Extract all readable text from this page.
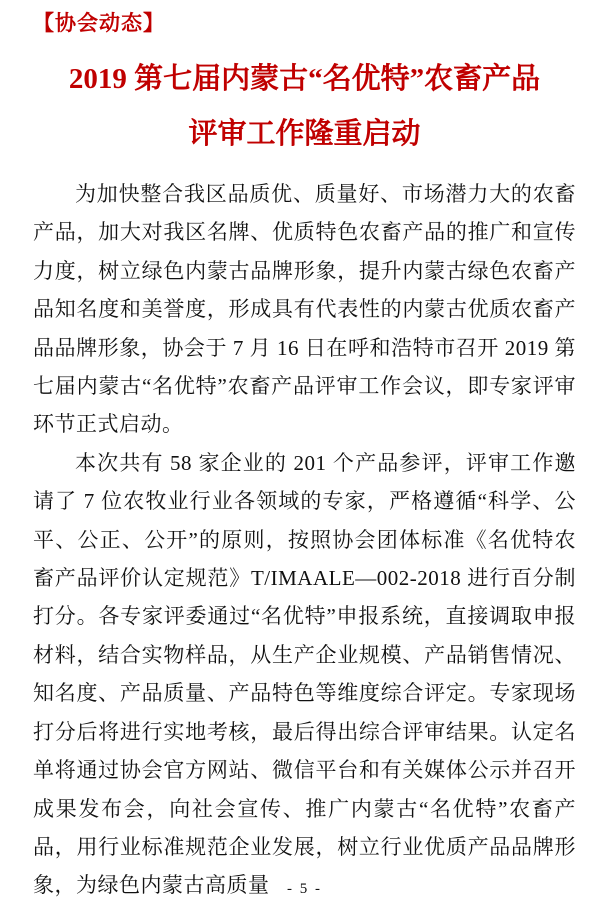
【协会动态】
2019 第七届内蒙古“名优特”农畜产品
评审工作隆重启动

为加快整合我区品质优、质量好、市场潜力大的农畜产品，加大对我区名牌、优质特色农畜产品的推广和宣传力度，树立绿色内蒙古品牌形象，提升内蒙古绿色农畜产品知名度和美誉度，形成具有代表性的内蒙古优质农畜产品品牌形象，协会于 7 月 16 日在呼和浩特市召开 2019 第七届内蒙古“名优特”农畜产品评审工作会议，即专家评审环节正式启动。

本次共有 58 家企业的 201 个产品参评，评审工作邀请了 7 位农牧业行业各领域的专家，严格遵循“科学、公平、公正、公开”的原则，按照协会团体标准《名优特农畜产品评价认定规范》T/IMAALE—002-2018 进行百分制打分。各专家评委通过“名优特”申报系统，直接调取申报材料，结合实物样品，从生产企业规模、产品销售情况、知名度、产品质量、产品特色等维度综合评定。专家现场打分后将进行实地考核，最后得出综合评审结果。认定名单将通过协会官方网站、微信平台和有关媒体公示并召开成果发布会，向社会宣传、推广内蒙古“名优特”农畜产品，用行业标准规范企业发展，树立行业优质产品品牌形象，为绿色内蒙古高质量	- 5 -
